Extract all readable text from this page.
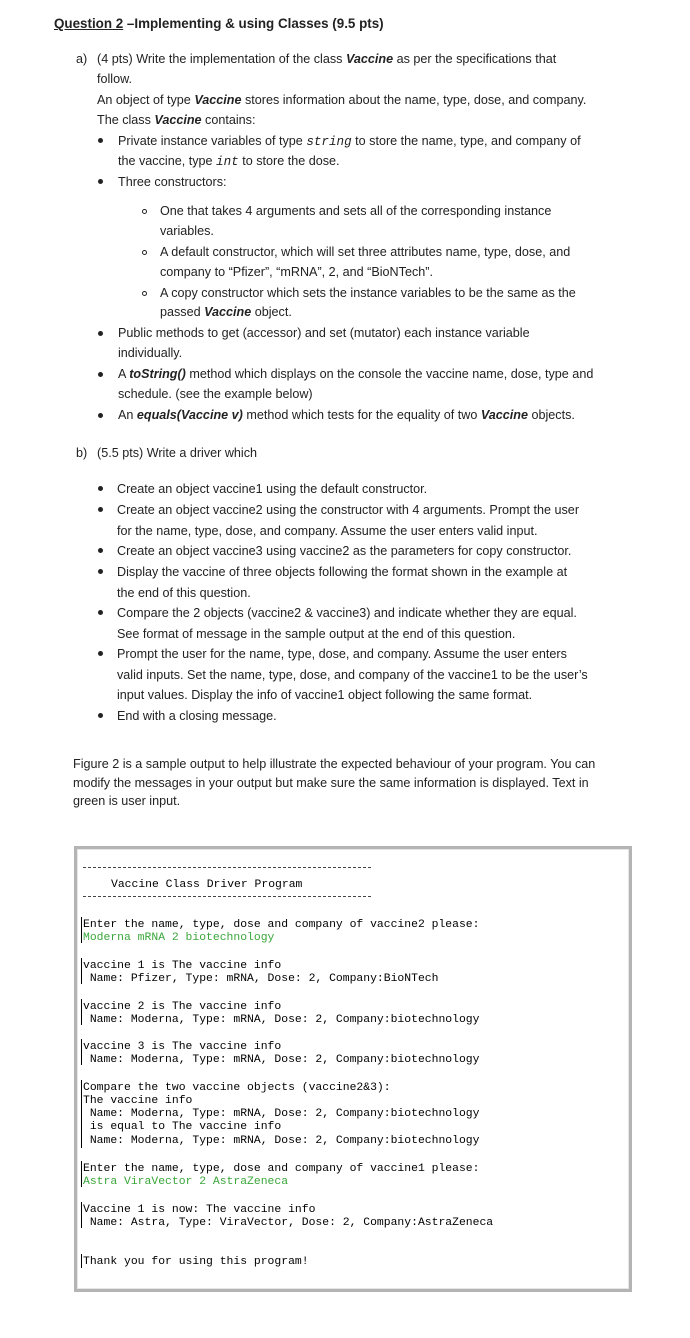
Question 2 –Implementing & using Classes (9.5 pts)
a) (4 pts) Write the implementation of the class Vaccine as per the specifications that
follow.
An object of type Vaccine stores information about the name, type, dose, and company.
The class Vaccine contains:
Private instance variables of type string to store the name, type, and company of
the vaccine, type int to store the dose.
Three constructors:
One that takes 4 arguments and sets all of the corresponding instance
variables.
A default constructor, which will set three attributes name, type, dose, and
company to “Pfizer”, “mRNA”, 2, and “BioNTech”.
A copy constructor which sets the instance variables to be the same as the
passed Vaccine object.
Public methods to get (accessor) and set (mutator) each instance variable
individually.
A toString() method which displays on the console the vaccine name, dose, type and
schedule. (see the example below)
An equals(Vaccine v) method which tests for the equality of two Vaccine objects.
b) (5.5 pts) Write a driver which
Create an object vaccine1 using the default constructor.
Create an object vaccine2 using the constructor with 4 arguments. Prompt the user
for the name, type, dose, and company. Assume the user enters valid input.
Create an object vaccine3 using vaccine2 as the parameters for copy constructor.
Display the vaccine of three objects following the format shown in the example at
the end of this question.
Compare the 2 objects (vaccine2 & vaccine3) and indicate whether they are equal.
See format of message in the sample output at the end of this question.
Prompt the user for the name, type, dose, and company. Assume the user enters
valid inputs. Set the name, type, dose, and company of the vaccine1 to be the user’s
input values. Display the info of vaccine1 object following the same format.
End with a closing message.
Figure 2 is a sample output to help illustrate the expected behaviour of your program. You can
modify the messages in your output but make sure the same information is displayed. Text in
green is user input.
Vaccine Class Driver Program
Enter the name, type, dose and company of vaccine2 please:
Moderna mRNA 2 biotechnology
vaccine 1 is The vaccine info
Name: Pfizer, Type: mRNA, Dose: 2, Company:BioNTech
vaccine 2 is The vaccine info
Name: Moderna, Type: mRNA, Dose: 2, Company:biotechnology
vaccine 3 is The vaccine info
Name: Moderna, Type: mRNA, Dose: 2, Company:biotechnology
Compare the two vaccine objects (vaccine2&3):
The vaccine info
Name: Moderna, Type: mRNA, Dose: 2, Company:biotechnology
is equal to The vaccine info
Name: Moderna, Type: mRNA, Dose: 2, Company:biotechnology
Enter the name, type, dose and company of vaccine1 please:
Astra ViraVector 2 AstraZeneca
Vaccine 1 is now: The vaccine info
Name: Astra, Type: ViraVector, Dose: 2, Company:AstraZeneca
Thank you for using this program!
